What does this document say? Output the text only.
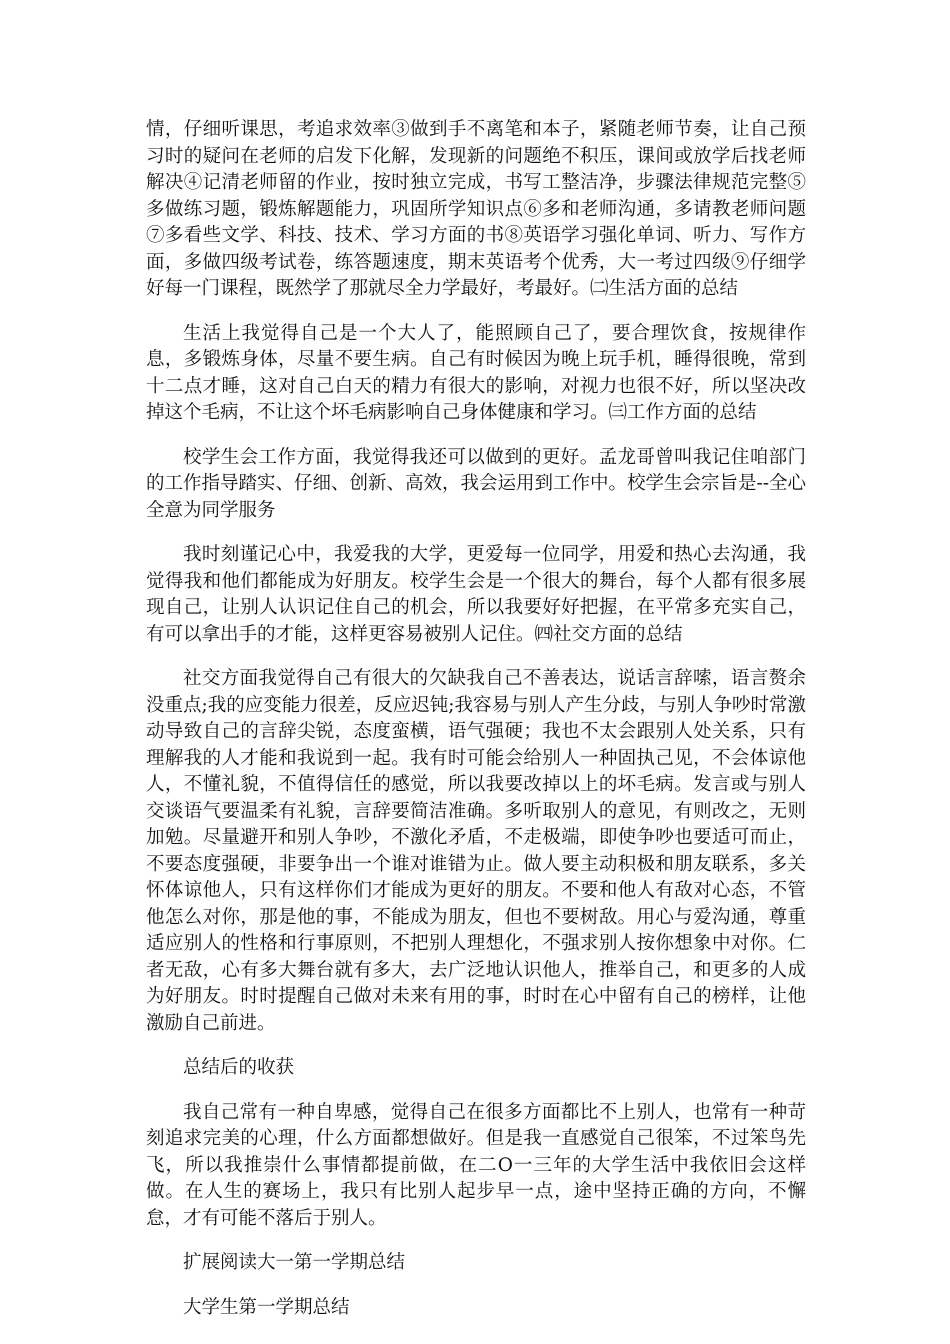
情，仔细听课思，考追求效率③做到手不离笔和本子，紧随老师节奏，让自己预习时的疑问在老师的启发下化解，发现新的问题绝不积压，课间或放学后找老师解决④记清老师留的作业，按时独立完成，书写工整洁净，步骤法律规范完整⑤多做练习题，锻炼解题能力，巩固所学知识点⑥多和老师沟通，多请教老师问题⑦多看些文学、科技、技术、学习方面的书⑧英语学习强化单词、听力、写作方面，多做四级考试卷，练答题速度，期末英语考个优秀，大一考过四级⑨仔细学好每一门课程，既然学了那就尽全力学最好，考最好。㈡生活方面的总结

生活上我觉得自己是一个大人了，能照顾自己了，要合理饮食，按规律作息，多锻炼身体，尽量不要生病。自己有时候因为晚上玩手机，睡得很晚，常到十二点才睡，这对自己白天的精力有很大的影响，对视力也很不好，所以坚决改掉这个毛病，不让这个坏毛病影响自己身体健康和学习。㈢工作方面的总结

校学生会工作方面，我觉得我还可以做到的更好。孟龙哥曾叫我记住咱部门的工作指导踏实、仔细、创新、高效，我会运用到工作中。校学生会宗旨是--全心全意为同学服务

我时刻谨记心中，我爱我的大学，更爱每一位同学，用爱和热心去沟通，我觉得我和他们都能成为好朋友。校学生会是一个很大的舞台，每个人都有很多展现自己，让别人认识记住自己的机会，所以我要好好把握，在平常多充实自己，有可以拿出手的才能，这样更容易被别人记住。㈣社交方面的总结

社交方面我觉得自己有很大的欠缺我自己不善表达，说话言辞嗦，语言赘余没重点;我的应变能力很差，反应迟钝;我容易与别人产生分歧，与别人争吵时常激动导致自己的言辞尖锐，态度蛮横，语气强硬；我也不太会跟别人处关系，只有理解我的人才能和我说到一起。我有时可能会给别人一种固执己见，不会体谅他人，不懂礼貌，不值得信任的感觉，所以我要改掉以上的坏毛病。发言或与别人交谈语气要温柔有礼貌，言辞要简洁准确。多听取别人的意见，有则改之，无则加勉。尽量避开和别人争吵，不激化矛盾，不走极端，即使争吵也要适可而止，不要态度强硬，非要争出一个谁对谁错为止。做人要主动积极和朋友联系，多关怀体谅他人，只有这样你们才能成为更好的朋友。不要和他人有敌对心态，不管他怎么对你，那是他的事，不能成为朋友，但也不要树敌。用心与爱沟通，尊重适应别人的性格和行事原则，不把别人理想化，不强求别人按你想象中对你。仁者无敌，心有多大舞台就有多大，去广泛地认识他人，推举自己，和更多的人成为好朋友。时时提醒自己做对未来有用的事，时时在心中留有自己的榜样，让他激励自己前进。

总结后的收获

我自己常有一种自卑感，觉得自己在很多方面都比不上别人，也常有一种苛刻追求完美的心理，什么方面都想做好。但是我一直感觉自己很笨，不过笨鸟先飞，所以我推崇什么事情都提前做，在二O一三年的大学生活中我依旧会这样做。在人生的赛场上，我只有比别人起步早一点，途中坚持正确的方向，不懈怠，才有可能不落后于别人。

扩展阅读大一第一学期总结

大学生第一学期总结
